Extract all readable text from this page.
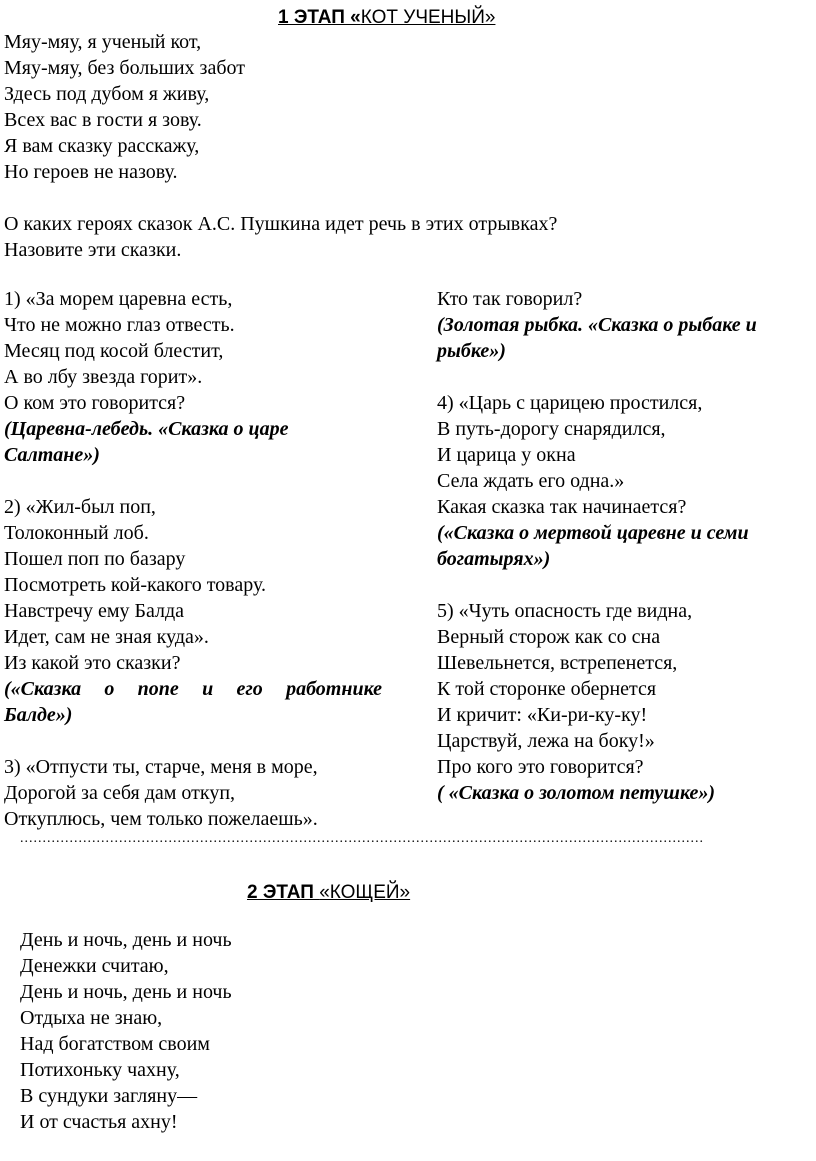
1 ЭТАП «КОТ УЧЕНЫЙ»
Мяу-мяу, я ученый кот,
Мяу-мяу, без больших забот
Здесь под дубом я живу,
Всех вас в гости я зову.
Я вам сказку расскажу,
Но героев не назову.
О каких героях сказок А.С. Пушкина идет речь в этих отрывках?
Назовите эти сказки.
1) «За морем царевна есть,
Что не можно глаз отвесть.
Месяц под косой блестит,
А во лбу звезда горит».
О ком это говорится?
(Царевна-лебедь. «Сказка о царе
Салтане»)
2) «Жил-был поп,
Толоконный лоб.
Пошел поп по базару
Посмотреть кой-какого товару.
Навстречу ему Балда
Идет, сам не зная куда».
Из какой это сказки?
(«Сказка о попе и его работнике
Балде»)
3) «Отпусти ты, старче, меня в море,
Дорогой за себя дам откуп,
Откуплюсь, чем только пожелаешь».
Кто так говорил?
(Золотая рыбка. «Сказка о рыбаке и
рыбке»)
4) «Царь с царицею простился,
В путь-дорогу снарядился,
И царица у окна
Села ждать его одна.»
Какая сказка так начинается?
(«Сказка о мертвой царевне и семи
богатырях»)
5) «Чуть опасность где видна,
Верный сторож как со сна
Шевельнется, встрепенется,
К той сторонке обернется
И кричит: «Ки-ри-ку-ку!
Царствуй, лежа на боку!»
Про кого это говорится?
( «Сказка о золотом петушке»)
........................................................................................................................................................
2 ЭТАП «КОЩЕЙ»
День и ночь, день и ночь
Денежки считаю,
День и ночь, день и ночь
Отдыха не знаю,
Над богатством своим
Потихоньку чахну,
В сундуки загляну—
И от счастья ахну!
